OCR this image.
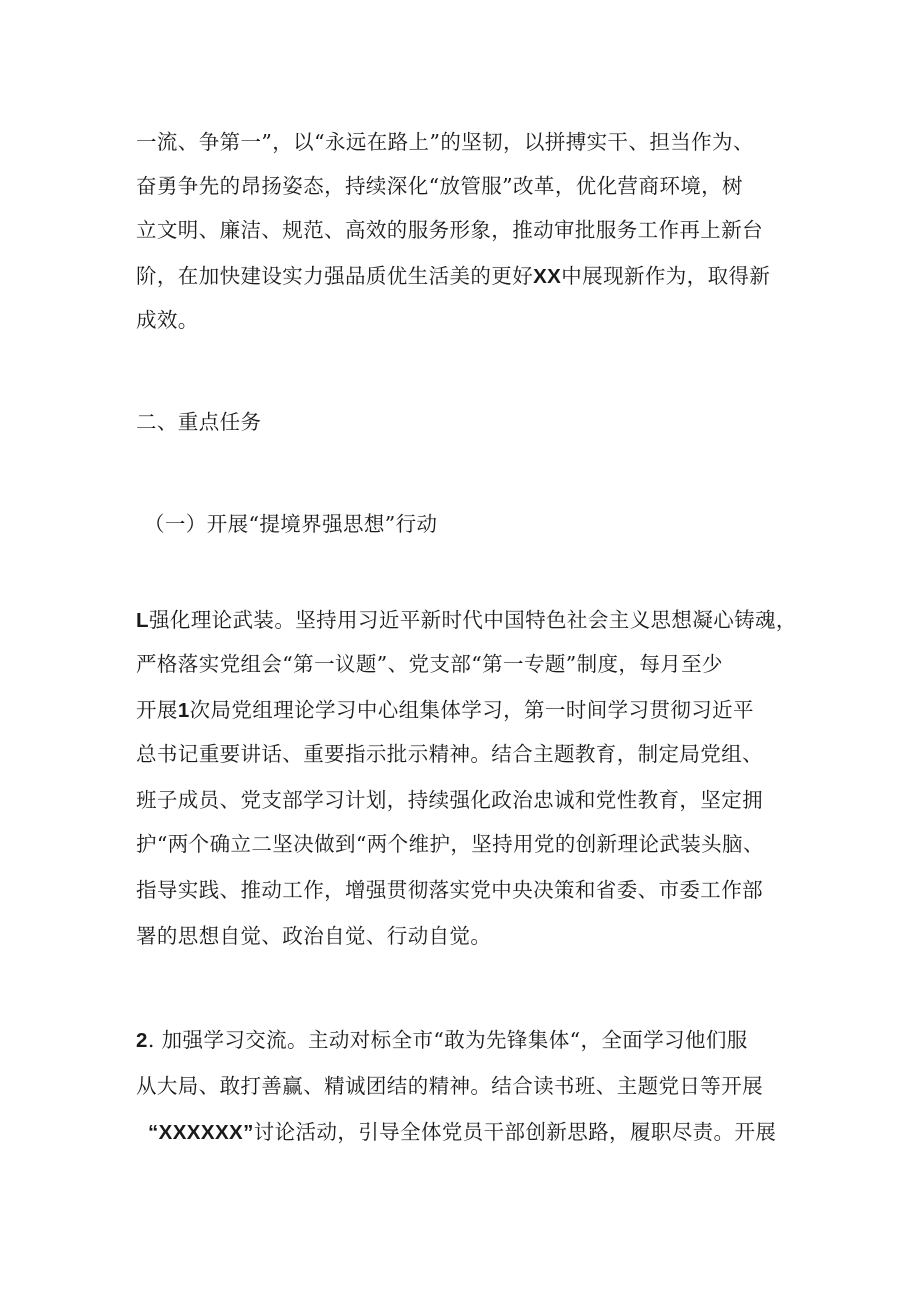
一流、争第一”，以“永远在路上”的坚韧，以拼搏实干、担当作为、
奋勇争先的昂扬姿态，持续深化“放管服”改革，优化营商环境，树
立文明、廉洁、规范、高效的服务形象，推动审批服务工作再上新台
阶，在加快建设实力强品质优生活美的更好XX中展现新作为，取得新
成效。
二、重点任务
（一）开展“提境界强思想”行动
L强化理论武装。坚持用习近平新时代中国特色社会主义思想凝心铸魂，
严格落实党组会“第一议题”、党支部“第一专题”制度，每月至少
开展1次局党组理论学习中心组集体学习，第一时间学习贯彻习近平
总书记重要讲话、重要指示批示精神。结合主题教育，制定局党组、
班子成员、党支部学习计划，持续强化政治忠诚和党性教育，坚定拥
护“两个确立二坚决做到“两个维护，坚持用党的创新理论武装头脑、
指导实践、推动工作，增强贯彻落实党中央决策和省委、市委工作部
署的思想自觉、政治自觉、行动自觉。
2. 加强学习交流。主动对标全市“敢为先锋集体“，全面学习他们服
从大局、敢打善赢、精诚团结的精神。结合读书班、主题党日等开展
“XXXXXX”讨论活动，引导全体党员干部创新思路，履职尽责。开展
